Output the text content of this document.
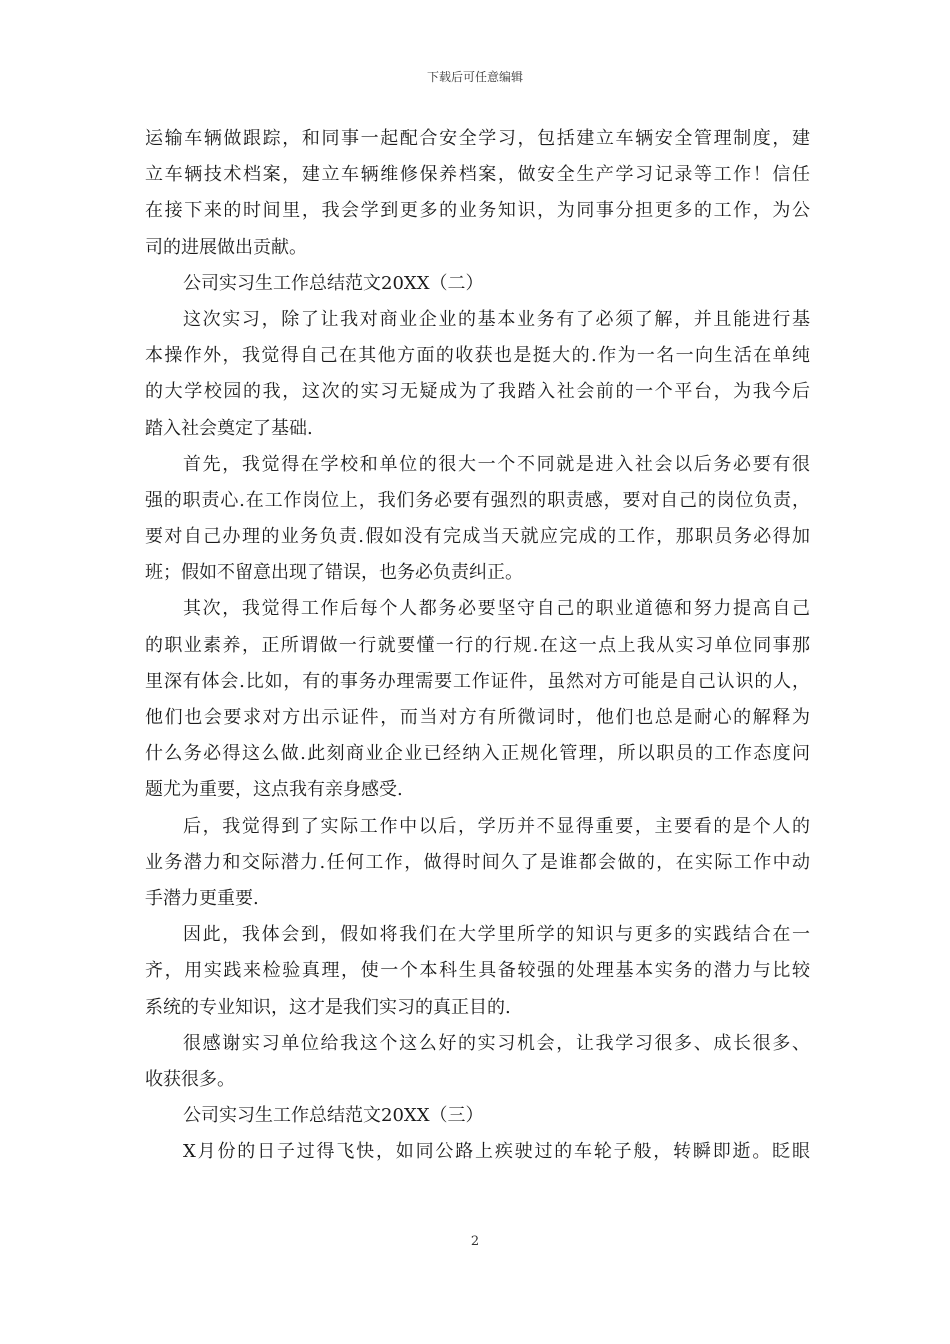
下载后可任意编辑
运输车辆做跟踪，和同事一起配合安全学习，包括建立车辆安全管理制度，建
立车辆技术档案，建立车辆维修保养档案，做安全生产学习记录等工作！信任
在接下来的时间里，我会学到更多的业务知识，为同事分担更多的工作，为公
司的进展做出贡献。
公司实习生工作总结范文20XX（二）
这次实习，除了让我对商业企业的基本业务有了必须了解，并且能进行基
本操作外，我觉得自己在其他方面的收获也是挺大的.作为一名一向生活在单纯
的大学校园的我，这次的实习无疑成为了我踏入社会前的一个平台，为我今后
踏入社会奠定了基础.
首先，我觉得在学校和单位的很大一个不同就是进入社会以后务必要有很
强的职责心.在工作岗位上，我们务必要有强烈的职责感，要对自己的岗位负责，
要对自己办理的业务负责.假如没有完成当天就应完成的工作，那职员务必得加
班；假如不留意出现了错误，也务必负责纠正。
其次，我觉得工作后每个人都务必要坚守自己的职业道德和努力提高自己
的职业素养，正所谓做一行就要懂一行的行规.在这一点上我从实习单位同事那
里深有体会.比如，有的事务办理需要工作证件，虽然对方可能是自己认识的人，
他们也会要求对方出示证件，而当对方有所微词时，他们也总是耐心的解释为
什么务必得这么做.此刻商业企业已经纳入正规化管理，所以职员的工作态度问
题尤为重要，这点我有亲身感受.
后，我觉得到了实际工作中以后，学历并不显得重要，主要看的是个人的
业务潜力和交际潜力.任何工作，做得时间久了是谁都会做的，在实际工作中动
手潜力更重要.
因此，我体会到，假如将我们在大学里所学的知识与更多的实践结合在一
齐，用实践来检验真理，使一个本科生具备较强的处理基本实务的潜力与比较
系统的专业知识，这才是我们实习的真正目的.
很感谢实习单位给我这个这么好的实习机会，让我学习很多、成长很多、
收获很多。
公司实习生工作总结范文20XX（三）
X月份的日子过得飞快，如同公路上疾驶过的车轮子般，转瞬即逝。眨眼
2
